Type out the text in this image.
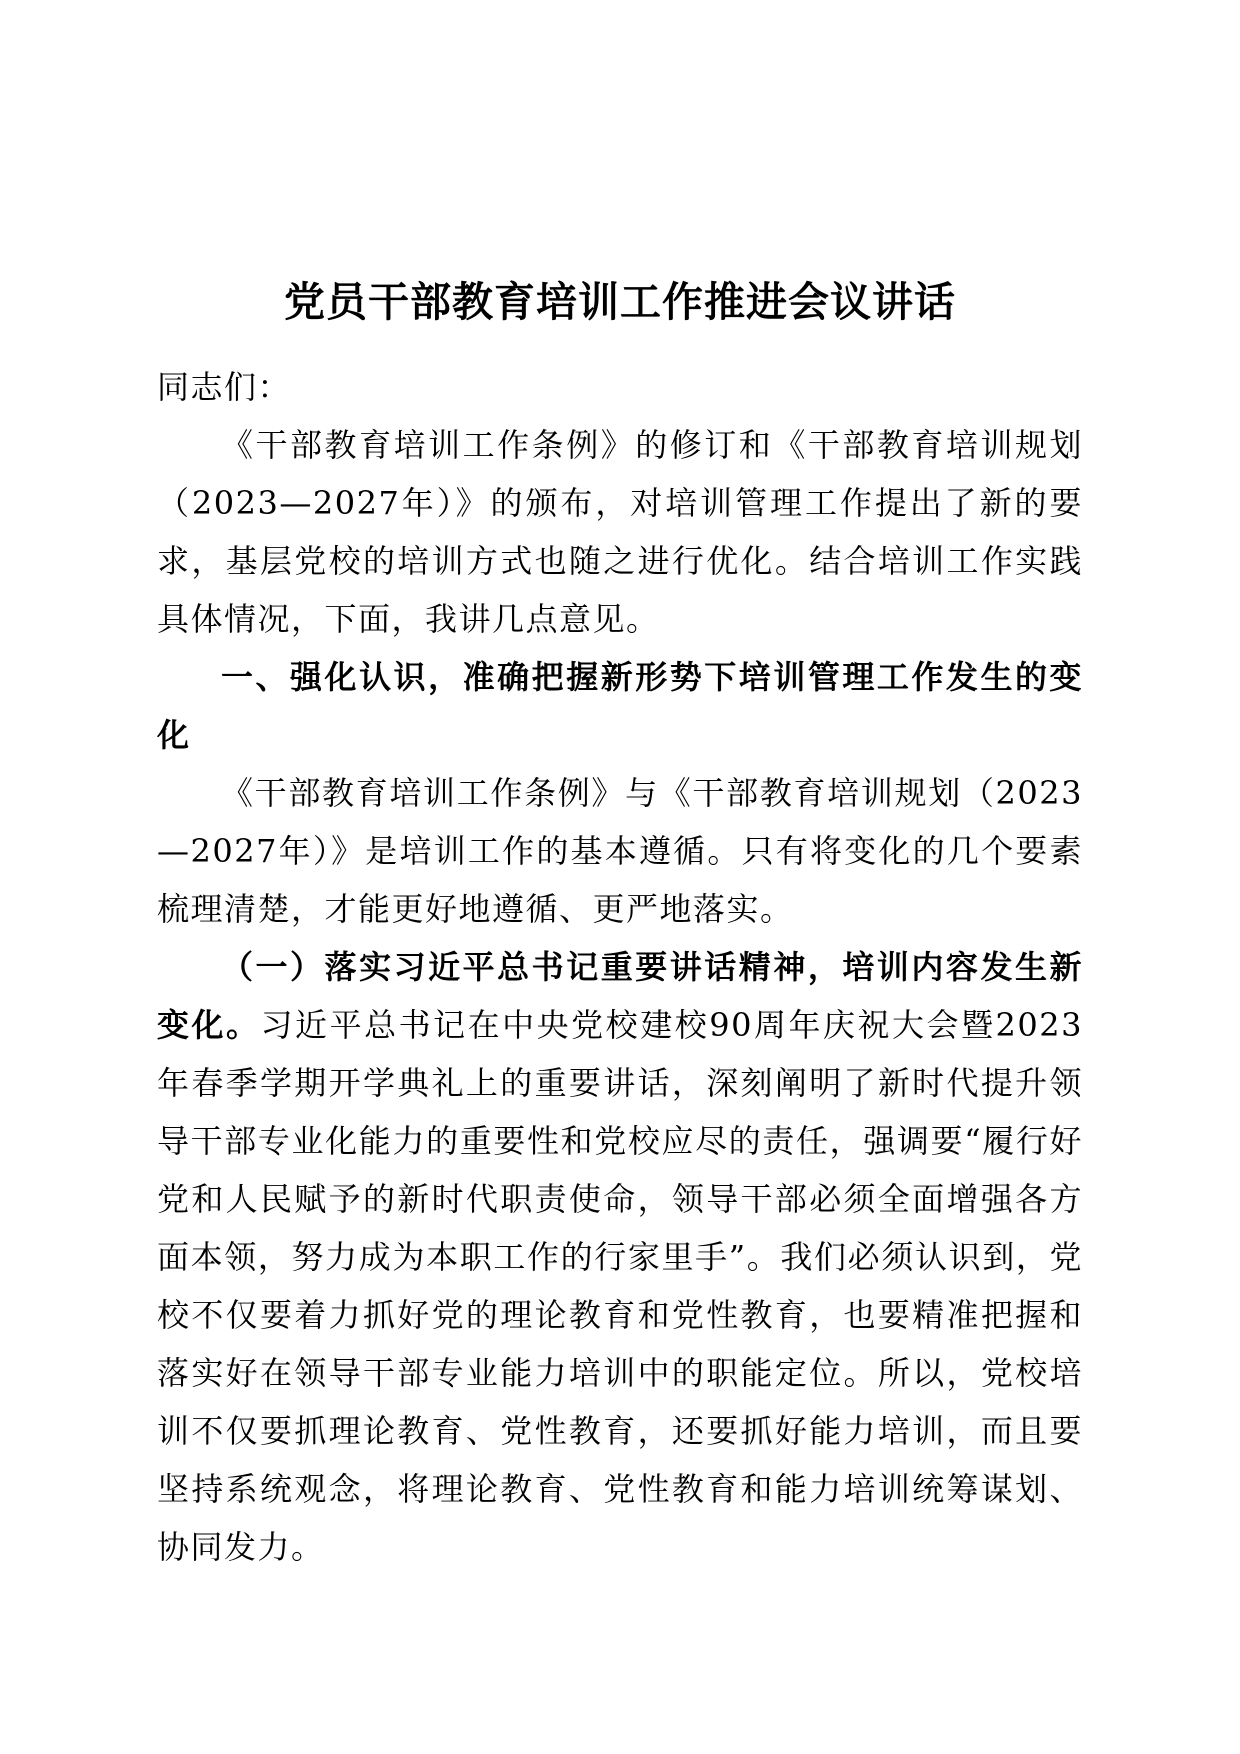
党员干部教育培训工作推进会议讲话

同志们：

《干部教育培训工作条例》的修订和《干部教育培训规划（2023—2027年）》的颁布，对培训管理工作提出了新的要求，基层党校的培训方式也随之进行优化。结合培训工作实践具体情况，下面，我讲几点意见。

一、强化认识，准确把握新形势下培训管理工作发生的变化

《干部教育培训工作条例》与《干部教育培训规划（2023—2027年）》是培训工作的基本遵循。只有将变化的几个要素梳理清楚，才能更好地遵循、更严地落实。

（一）落实习近平总书记重要讲话精神，培训内容发生新变化。习近平总书记在中央党校建校90周年庆祝大会暨2023年春季学期开学典礼上的重要讲话，深刻阐明了新时代提升领导干部专业化能力的重要性和党校应尽的责任，强调要“履行好党和人民赋予的新时代职责使命，领导干部必须全面增强各方面本领，努力成为本职工作的行家里手”。我们必须认识到，党校不仅要着力抓好党的理论教育和党性教育，也要精准把握和落实好在领导干部专业能力培训中的职能定位。所以，党校培训不仅要抓理论教育、党性教育，还要抓好能力培训，而且要坚持系统观念，将理论教育、党性教育和能力培训统筹谋划、协同发力。
